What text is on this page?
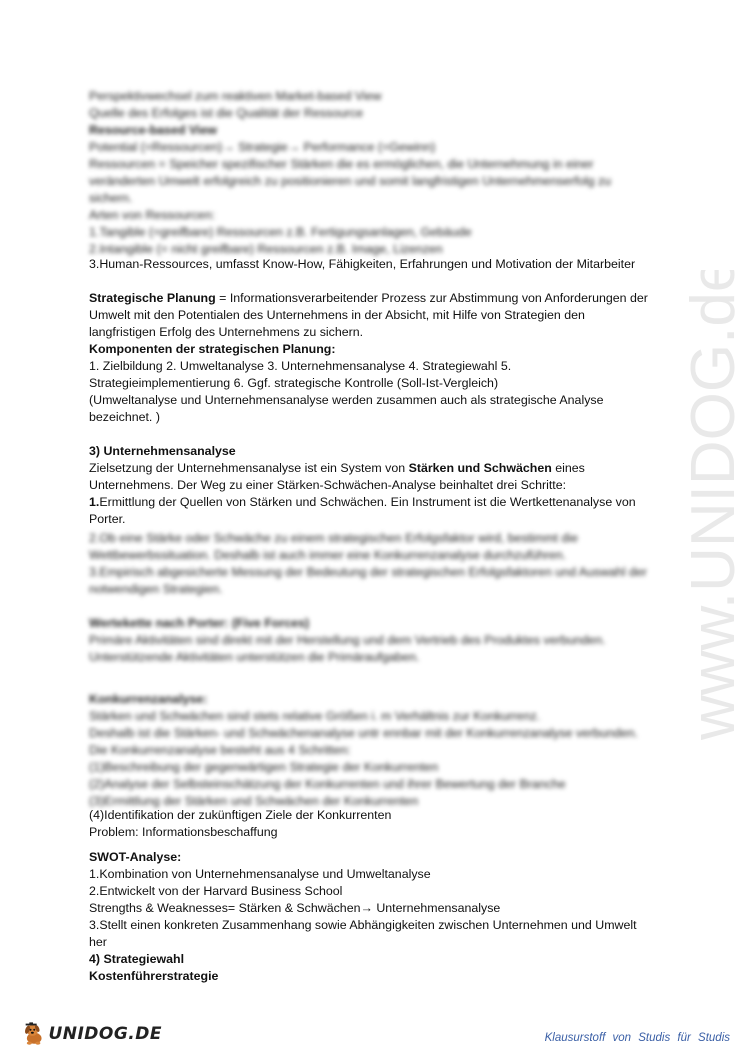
Perspektivwechsel zum reaktiven Market-based View
Quelle des Erfolges ist die Qualität der Ressource
Resource-based View
Potential (=Ressourcen)→ Strategie→ Performance (=Gewinn)
Ressourcen = Speicher spezifischer Stärken die es ermöglichen, die Unternehmung in einer
veränderten Umwelt erfolgreich zu positionieren und somit langfristigen Unternehmenserfolg zu
sichern.
Arten von Ressourcen:
1.Tangible (=greifbare) Ressourcen z.B. Fertigungsanlagen, Gebäude
2.Intangible (= nicht greifbare) Ressourcen z.B. Image, Lizenzen
3.Human-Ressources, umfasst Know-How, Fähigkeiten, Erfahrungen und Motivation der Mitarbeiter
Strategische Planung = Informationsverarbeitender Prozess zur Abstimmung von Anforderungen der
Umwelt mit den Potentialen des Unternehmens in der Absicht, mit Hilfe von Strategien den
langfristigen Erfolg des Unternehmens zu sichern.
Komponenten der strategischen Planung:
1. Zielbildung 2. Umweltanalyse 3. Unternehmensanalyse 4. Strategiewahl 5.
Strategieimplementierung 6. Ggf. strategische Kontrolle (Soll-Ist-Vergleich)
(Umweltanalyse und Unternehmensanalyse werden zusammen auch als strategische Analyse
bezeichnet. )
3) Unternehmensanalyse
Zielsetzung der Unternehmensanalyse ist ein System von Stärken und Schwächen eines
Unternehmens. Der Weg zu einer Stärken-Schwächen-Analyse beinhaltet drei Schritte:
1.Ermittlung der Quellen von Stärken und Schwächen. Ein Instrument ist die Wertkettenanalyse von
Porter.
2.Ob eine Stärke oder Schwäche zu einem strategischen Erfolgsfaktor wird, bestimmt die
Wettbewerbssituation. Deshalb ist auch immer eine Konkurrenzanalyse durchzuführen.
3.Empirisch abgesicherte Messung der Bedeutung der strategischen Erfolgsfaktoren und Auswahl der
notwendigen Strategien.
Wertekette nach Porter: (Five Forces)
Primäre Aktivitäten sind direkt mit der Herstellung und dem Vertrieb des Produktes verbunden.
Unterstützende Aktivitäten unterstützen die Primäraufgaben.
Konkurrenzanalyse:
Stärken und Schwächen sind stets relative Größen i. m Verhältnis zur Konkurrenz.
Deshalb ist die Stärken- und Schwächenanalyse untr ennbar mit der Konkurrenzanalyse verbunden.
Die Konkurrenzanalyse besteht aus 4 Schritten:
(1)Beschreibung der gegenwärtigen Strategie der Konkurrenten
(2)Analyse der Selbsteinschätzung der Konkurrenten und ihrer Bewertung der Branche
(3)Ermittlung der Stärken und Schwächen der Konkurrenten
(4)Identifikation der zukünftigen Ziele der Konkurrenten
Problem: Informationsbeschaffung
SWOT-Analyse:
1.Kombination von Unternehmensanalyse und Umweltanalyse
2.Entwickelt von der Harvard Business School
Strengths & Weaknesses= Stärken & Schwächen→ Unternehmensanalyse
3.Stellt einen konkreten Zusammenhang sowie Abhängigkeiten zwischen Unternehmen und Umwelt
her
4) Strategiewahl
Kostenführerstrategie
www.UNIDOG.de
UNIDOG.DE	Klausurstoff von Studis für Studis
